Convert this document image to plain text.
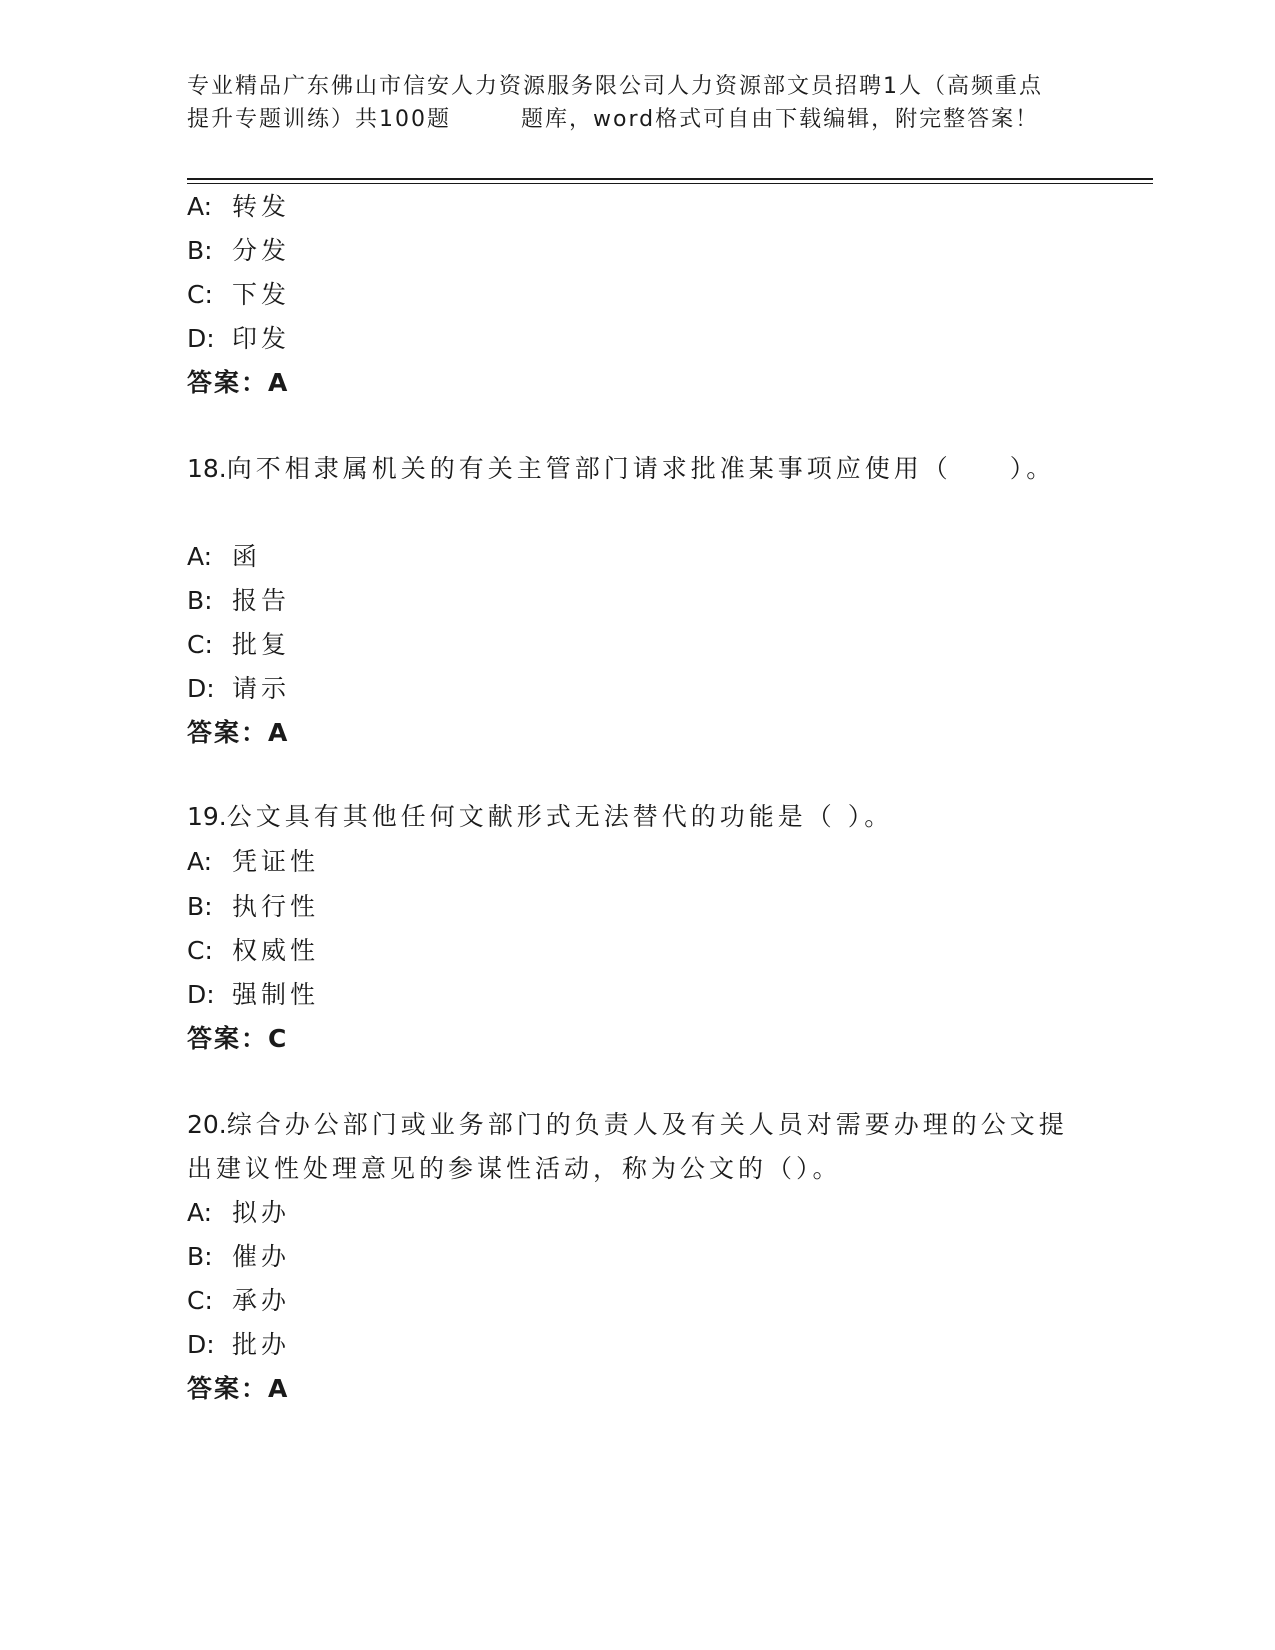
专业精品广东佛山市信安人力资源服务限公司人力资源部文员招聘1人（高频重点
提升专题训练）共100题	题库，word格式可自由下载编辑，附完整答案！
A: 转发
B: 分发
C: 下发
D: 印发
答案：A
18.向不相隶属机关的有关主管部门请求批准某事项应使用（　　）。
A: 函
B: 报告
C: 批复
D: 请示
答案：A
19.公文具有其他任何文献形式无法替代的功能是（ ）。
A: 凭证性
B: 执行性
C: 权威性
D: 强制性
答案：C
20.综合办公部门或业务部门的负责人及有关人员对需要办理的公文提
出建议性处理意见的参谋性活动，称为公文的（）。
A: 拟办
B: 催办
C: 承办
D: 批办
答案：A
